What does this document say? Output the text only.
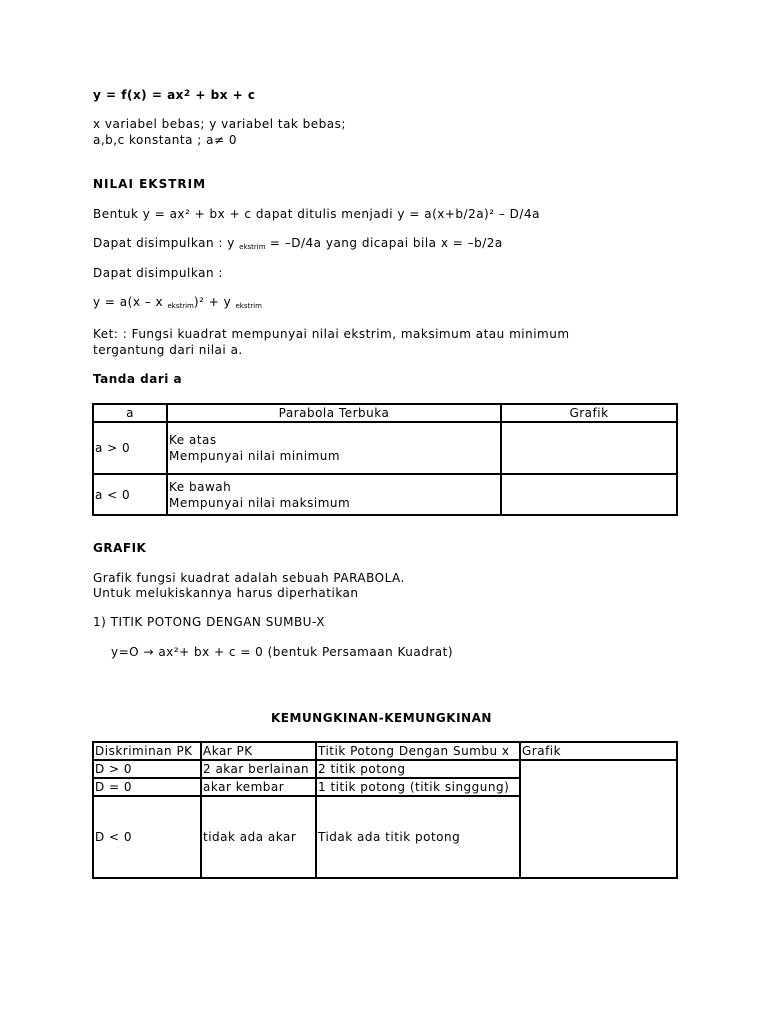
$y = f(x) = ax^2$ + bx + c
x variabel bebas; y variabel tak bebas;
a,b,c konstanta ; a≠ 0
NILAI EKSTRIM
Bentuk y = ax² + bx + c dapat ditulis menjadi y = a(x+b/2a)² – D/4a
Dapat disimpulkan : y $_{ekstrim}$ = –D/4a yang dicapai bila x = –b/2a
Dapat disimpulkan :
y = a(x – x $_{ekstrim}$)² + y $_{ekstrim}$
Ket: : Fungsi kuadrat mempunyai nilai ekstrim, maksimum atau minimum
tergantung dari nilai a.
Tanda dari a
a	Parabola Terbuka	Grafik
a > 0	Ke atas
Mempunyai nilai minimum	

a < 0	Ke bawah
Mempunyai nilai maksimum	

GRAFIK
Grafik fungsi kuadrat adalah sebuah PARABOLA.
Untuk melukiskannya harus diperhatikan
1) TITIK POTONG DENGAN SUMBU-X
y=O → ax²+ bx + c = 0 (bentuk Persamaan Kuadrat)
KEMUNGKINAN-KEMUNGKINAN
Diskriminan PK	Akar PK	Titik Potong Dengan Sumbu x	Grafik
D > 0	2 akar berlainan	2 titik potong	
D = 0	akar kembar	1 titik potong (titik singgung)	
D < 0	tidak ada akar	Tidak ada titik potong	
